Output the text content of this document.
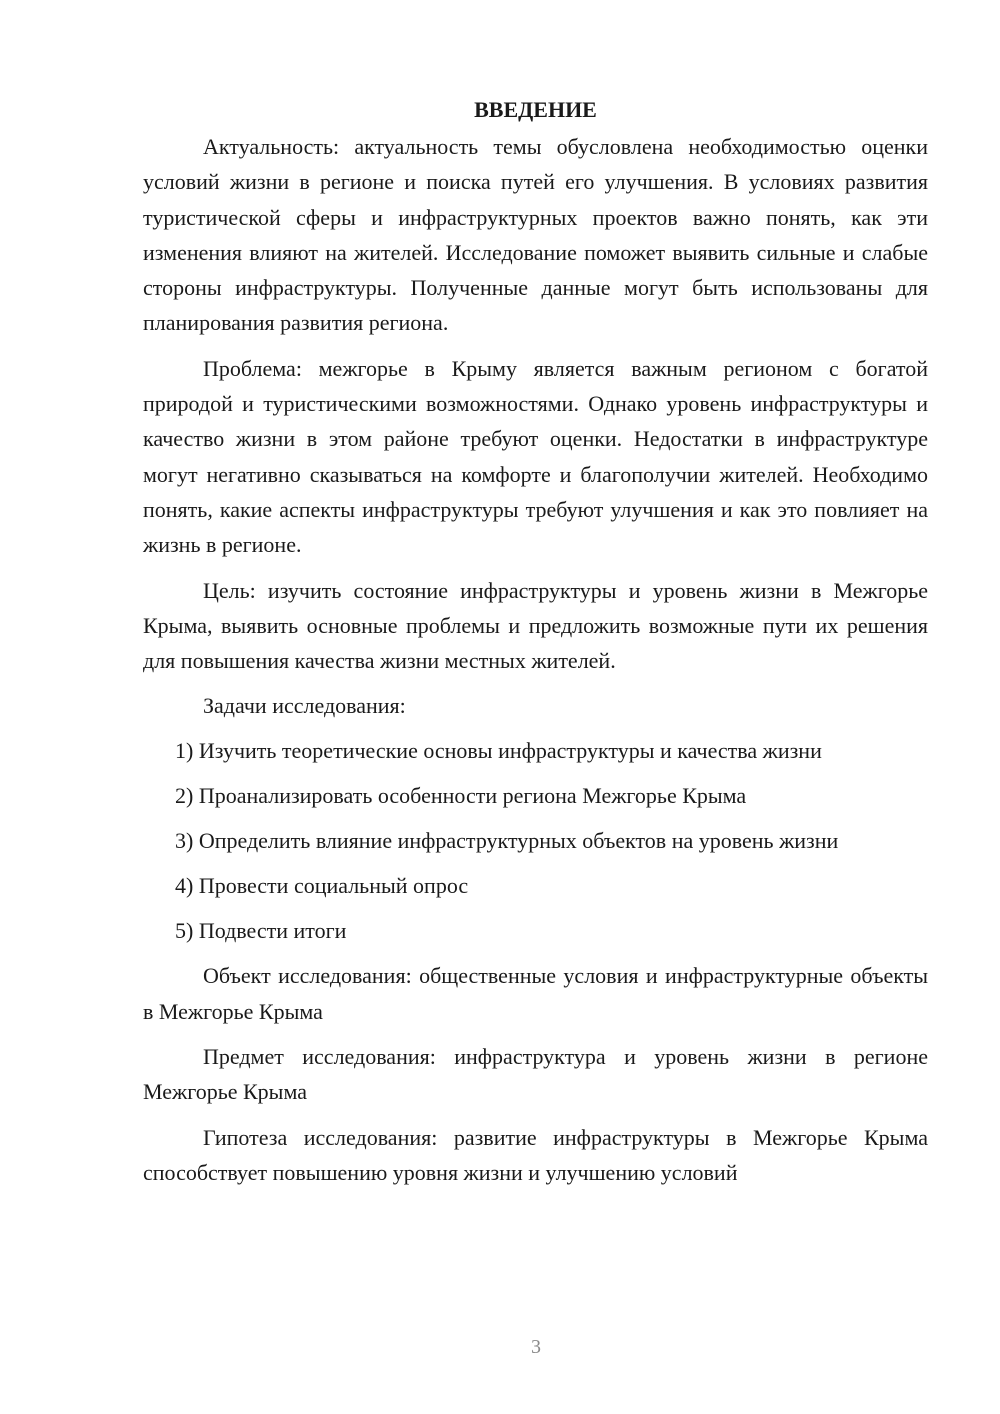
ВВЕДЕНИЕ

Актуальность: актуальность темы обусловлена необходимостью оценки условий жизни в регионе и поиска путей его улучшения. В условиях развития туристической сферы и инфраструктурных проектов важно понять, как эти изменения влияют на жителей. Исследование поможет выявить сильные и слабые стороны инфраструктуры. Полученные данные могут быть использованы для планирования развития региона.

Проблема: межгорье в Крыму является важным регионом с богатой природой и туристическими возможностями. Однако уровень инфраструктуры и качество жизни в этом районе требуют оценки. Недостатки в инфраструктуре могут негативно сказываться на комфорте и благополучии жителей. Необходимо понять, какие аспекты инфраструктуры требуют улучшения и как это повлияет на жизнь в регионе.

Цель: изучить состояние инфраструктуры и уровень жизни в Межгорье Крыма, выявить основные проблемы и предложить возможные пути их решения для повышения качества жизни местных жителей.

Задачи исследования:
1) Изучить теоретические основы инфраструктуры и качества жизни
2) Проанализировать особенности региона Межгорье Крыма
3) Определить влияние инфраструктурных объектов на уровень жизни
4) Провести социальный опрос
5) Подвести итоги

Объект исследования: общественные условия и инфраструктурные объекты в Межгорье Крыма

Предмет исследования: инфраструктура и уровень жизни в регионе Межгорье Крыма

Гипотеза исследования: развитие инфраструктуры в Межгорье Крыма способствует повышению уровня жизни и улучшению условий

3
